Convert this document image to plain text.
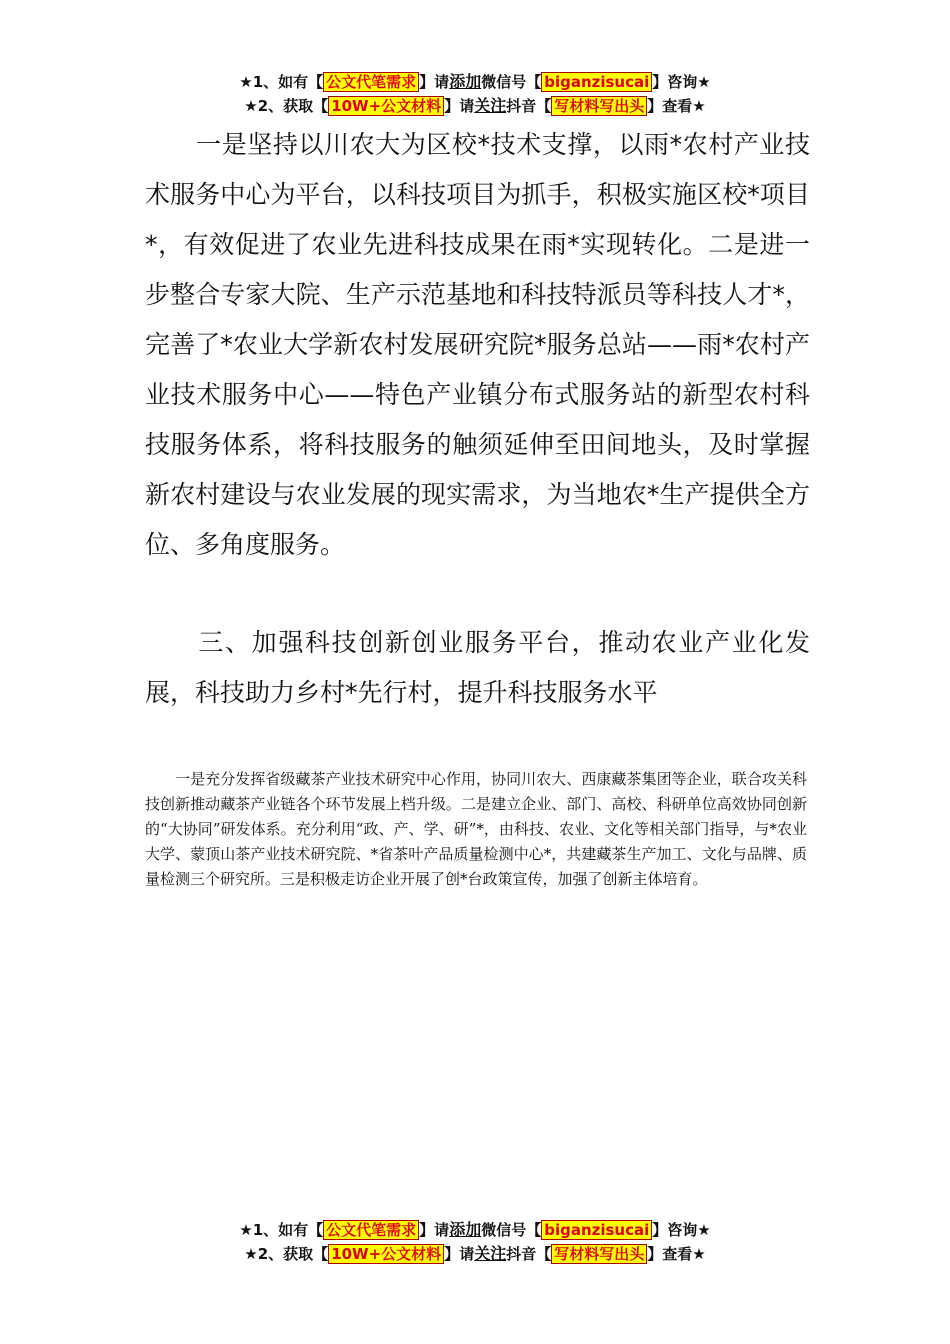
★1、如有【 公文代笔需求 】请添加微信号【 biganzisucai 】咨询★
★2、获取【 10W+公文材料 】请关注抖音【 写材料写出头 】查看★

　　一是坚持以川农大为区校*技术支撑，以雨*农村产业技术服务中心为平台，以科技项目为抓手，积极实施区校*项目*，有效促进了农业先进科技成果在雨*实现转化。二是进一步整合专家大院、生产示范基地和科技特派员等科技人才*，完善了*农业大学新农村发展研究院*服务总站——雨*农村产业技术服务中心——特色产业镇分布式服务站的新型农村科技服务体系，将科技服务的触须延伸至田间地头，及时掌握新农村建设与农业发展的现实需求，为当地农*生产提供全方位、多角度服务。

　　三、加强科技创新创业服务平台，推动农业产业化发展，科技助力乡村*先行村，提升科技服务水平

　　一是充分发挥省级藏茶产业技术研究中心作用，协同川农大、西康藏茶集团等企业，联合攻关科技创新推动藏茶产业链各个环节发展上档升级。二是建立企业、部门、高校、科研单位高效协同创新的“大协同”研发体系。充分利用“政、产、学、研”*，由科技、农业、文化等相关部门指导，与*农业大学、蒙顶山茶产业技术研究院、*省茶叶产品质量检测中心*，共建藏茶生产加工、文化与品牌、质量检测三个研究所。三是积极走访企业开展了创*台政策宣传，加强了创新主体培育。

★1、如有【 公文代笔需求 】请添加微信号【 biganzisucai 】咨询★
★2、获取【 10W+公文材料 】请关注抖音【 写材料写出头 】查看★
